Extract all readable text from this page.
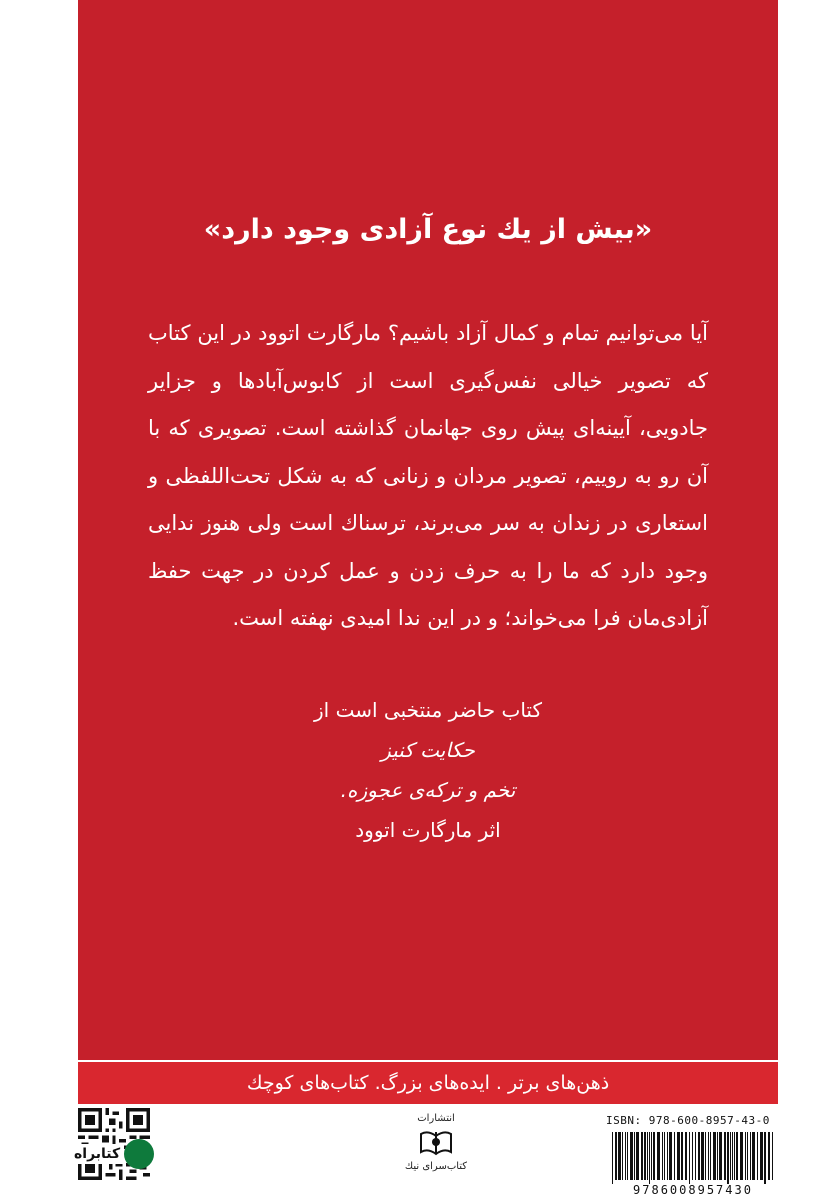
«بیش از یك نوع آزادی وجود دارد»

آیا می‌توانیم تمام و کمال آزاد باشیم؟ مارگارت اتوود در این کتاب که تصویر خیالی نفس‌گیری است از کابوس‌آبادها و جزایر جادویی، آیینه‌ای پیش روی جهانمان گذاشته است. تصویری که با آن رو به روییم، تصویر مردان و زنانی که به شکل تحت‌اللفظی و استعاری در زندان به سر می‌برند، ترسناك است ولی هنوز ندایی وجود دارد که ما را به حرف زدن و عمل کردن در جهت حفظ آزادی‌مان فرا می‌خواند؛ و در این ندا امیدی نهفته است.

کتاب حاضر منتخبی است از
حکایت کنیز
تخم و ترکه‌ی عجوزه.
اثر مارگارت اتوود
ذهن‌های برتر . ایده‌های بزرگ. کتاب‌های کوچك
کتابراه
انتشارات
کتاب‌سرای نیك
ISBN: 978-600-8957-43-0
9786008957430
